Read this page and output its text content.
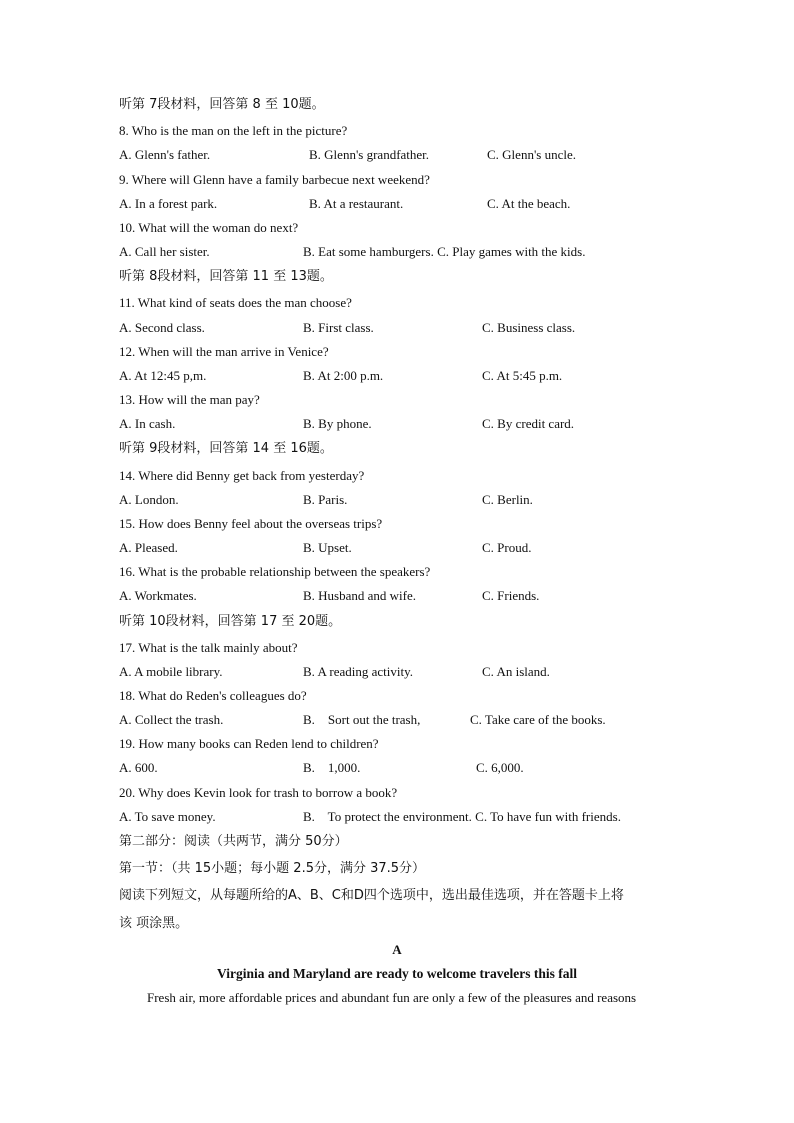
听第 7段材料，回答第 8 至 10题。
8. Who is the man on the left in the picture?
A. Glenn's father.	B. Glenn's grandfather.	C. Glenn's uncle.
9. Where will Glenn have a family barbecue next weekend?
A. In a forest park.	B. At a restaurant.	C. At the beach.
10. What will the woman do next?
A. Call her sister.	B. Eat some hamburgers. C. Play games with the kids.
听第 8段材料，回答第 11 至 13题。
11. What kind of seats does the man choose?
A. Second class.	B. First class.	C. Business class.
12. When will the man arrive in Venice?
A. At 12:45 p,m.	B. At 2:00 p.m.	C. At 5:45 p.m.
13. How will the man pay?
A. In cash.	B. By phone.	C. By credit card.
听第 9段材料，回答第 14 至 16题。
14. Where did Benny get back from yesterday?
A. London.	B. Paris.	C. Berlin.
15. How does Benny feel about the overseas trips?
A. Pleased.	B. Upset.	C. Proud.
16. What is the probable relationship between the speakers?
A. Workmates.	B. Husband and wife.	C. Friends.
听第 10段材料，回答第 17 至 20题。
17. What is the talk mainly about?
A. A mobile library.	B. A reading activity.	C. An island.
18. What do Reden's colleagues do?
A. Collect the trash.	B.    Sort out the trash,	C. Take care of the books.
19. How many books can Reden lend to children?
A. 600.	B.    1,000.	C. 6,000.
20. Why does Kevin look for trash to borrow a book?
A. To save money.	B.    To protect the environment. C. To have fun with friends.
第二部分：阅读（共两节，满分 50分）
第一节：（共 15小题；每小题 2.5分，满分 37.5分）
阅读下列短文，从每题所给的A、B、C和D四个选项中，选出最佳选项，并在答题卡上将
该 项涂黑。
A
Virginia and Maryland are ready to welcome travelers this fall
Fresh air, more affordable prices and abundant fun are only a few of the pleasures and reasons
